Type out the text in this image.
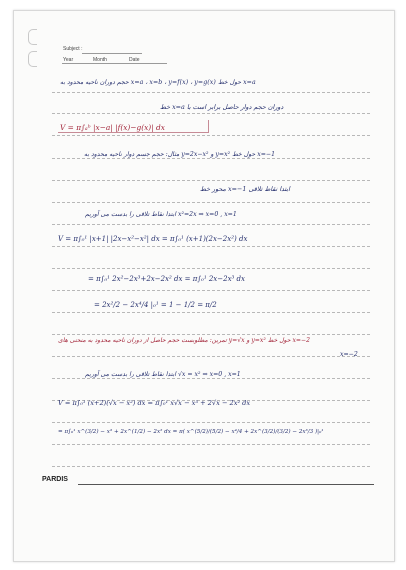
Subject :
Year	Month	Date
حجم دوران ناحیه محدود به x=a ، x=b ، y=f(x) ، y=g(x) حول خط x=a
خط x=a دوران حجم دوار حاصل برابر است با
V = π∫ₐᵇ |x−a| |f(x)−g(x)| dx
مثال: حجم جسم دوار ناحیه محدود به y=2x−x² و y=x² حول خط x=−1
محور خط x=−1 ابتدا نقاط تلاقی
ابتدا نقاط تلاقی را بدست می آوریم x²=2x ⇒ x=0 , x=1
V = π∫₀¹ |x+1| |2x−x²−x²| dx = π∫₀¹ (x+1)(2x−2x²) dx
= π∫₀¹ 2x²−2x³+2x−2x² dx = π∫₀¹ 2x−2x³ dx
= 2x²/2 − 2x⁴/4 |₀¹ = 1 − 1/2 = π/2
تمرین: مطلوبست حجم حاصل از دوران ناحیه محدود به منحنی های y=√x و y=x² حول خط x=−2
x=−2
ابتدا نقاط تلاقی را بدست می آوریم √x = x² ⇒ x=0 , x=1
V = π∫₀¹ (x+2)(√x − x²) dx = π∫₀¹ x√x − x³ + 2√x − 2x² dx
= π∫₀¹ x^(3/2) − x³ + 2x^(1/2) − 2x² dx = π( x^(5/2)/(5/2) − x⁴/4 + 2x^(3/2)/(3/2) − 2x³/3 )|₀¹
PARDIS
